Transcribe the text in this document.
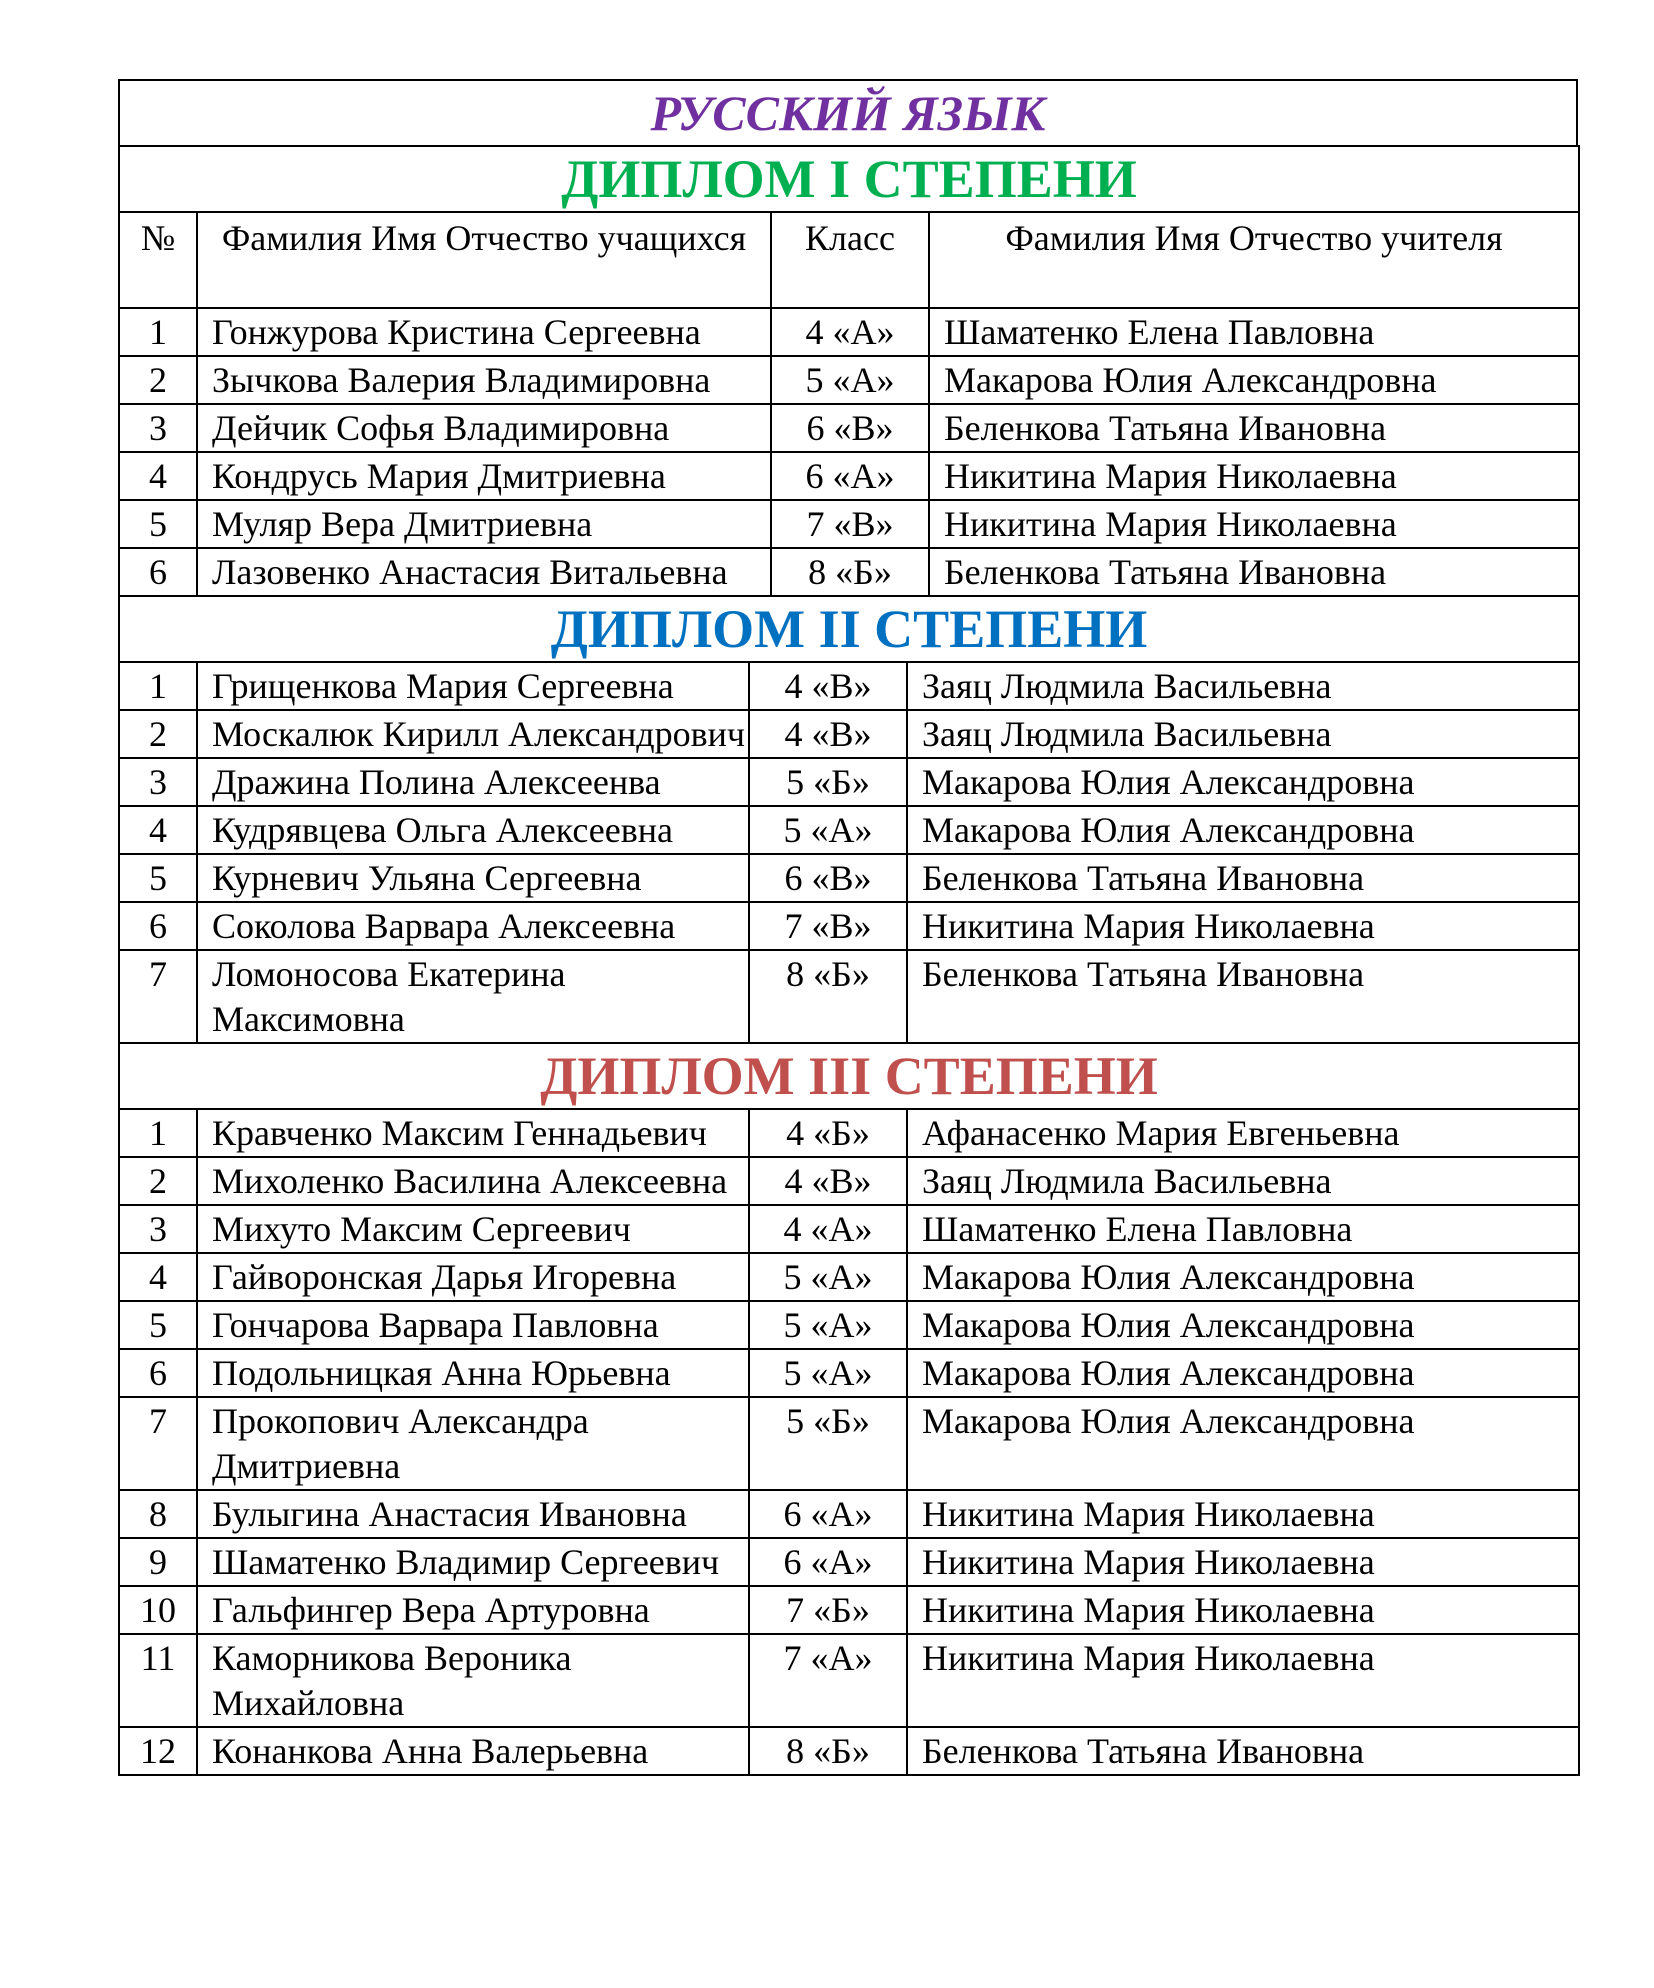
РУССКИЙ ЯЗЫК
ДИПЛОМ I СТЕПЕНИ			
№	Фамилия Имя Отчество учащихся	Класс	Фамилия Имя Отчество учителя
1	Гонжурова Кристина Сергеевна	4 «А»	Шаматенко Елена Павловна
2	Зычкова Валерия Владимировна	5 «А»	Макарова Юлия Александровна
3	Дейчик Софья Владимировна	6 «В»	Беленкова Татьяна Ивановна
4	Кондрусь Мария Дмитриевна	6 «А»	Никитина Мария Николаевна
5	Муляр Вера Дмитриевна	7 «В»	Никитина Мария Николаевна
6	Лазовенко Анастасия Витальевна	8 «Б»	Беленкова Татьяна Ивановна
ДИПЛОМ II СТЕПЕНИ			
1	Грищенкова Мария Сергеевна	4 «В»	Заяц Людмила Васильевна
2	Москалюк Кирилл Александрович	4 «В»	Заяц Людмила Васильевна
3	Дражина Полина Алексеенва	5 «Б»	Макарова Юлия Александровна
4	Кудрявцева Ольга Алексеевна	5 «А»	Макарова Юлия Александровна
5	Курневич Ульяна Сергеевна	6 «В»	Беленкова Татьяна Ивановна
6	Соколова Варвара Алексеевна	7 «В»	Никитина Мария Николаевна
7	Ломоносова Екатерина Максимовна	8 «Б»	Беленкова Татьяна Ивановна
ДИПЛОМ III СТЕПЕНИ			
1	Кравченко Максим Геннадьевич	4 «Б»	Афанасенко Мария Евгеньевна
2	Михоленко Василина Алексеевна	4 «В»	Заяц Людмила Васильевна
3	Михуто Максим Сергеевич	4 «А»	Шаматенко Елена Павловна
4	Гайворонская Дарья Игоревна	5 «А»	Макарова Юлия Александровна
5	Гончарова Варвара Павловна	5 «А»	Макарова Юлия Александровна
6	Подольницкая Анна Юрьевна	5 «А»	Макарова Юлия Александровна
7	Прокопович Александра Дмитриевна	5 «Б»	Макарова Юлия Александровна
8	Булыгина Анастасия Ивановна	6 «А»	Никитина Мария Николаевна
9	Шаматенко Владимир Сергеевич	6 «А»	Никитина Мария Николаевна
10	Гальфингер Вера Артуровна	7 «Б»	Никитина Мария Николаевна
11	Каморникова Вероника Михайловна	7 «А»	Никитина Мария Николаевна
12	Конанкова Анна Валерьевна	8 «Б»	Беленкова Татьяна Ивановна
